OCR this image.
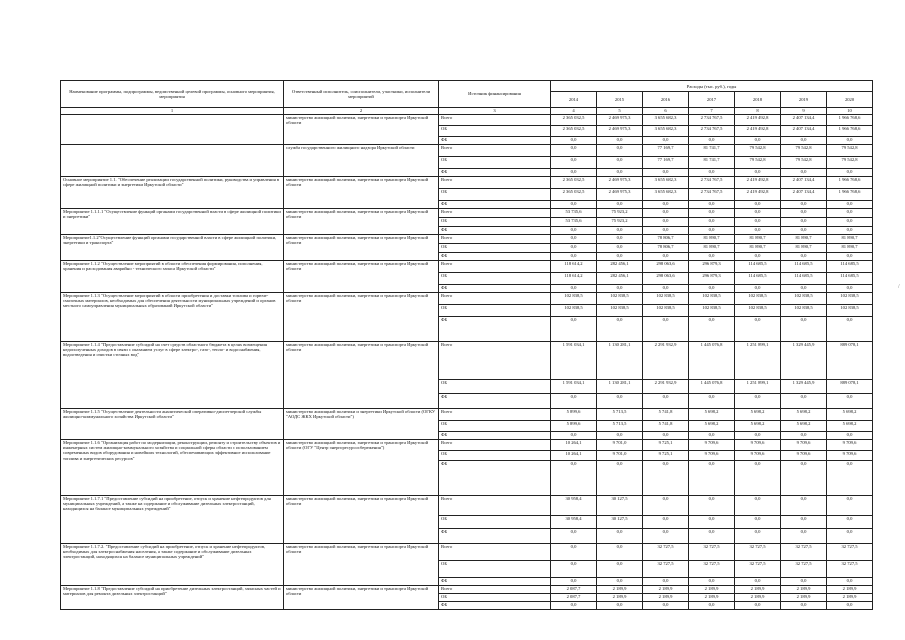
/
Наименование программы, подпрограммы, ведомственной целевой программы, основного мероприятия, мероприятия	Ответственный исполнитель, соисполнители, участники, исполнители мероприятий	Источник финансирования	Расходы (тыс. руб.), годы						
			2014	2015	2016	2017	2018	2019	2020
1	2	3	4	5	6	7	8	9	10
	министерство жилищной политики, энергетики и транспорта Иркутской области	Всего	2 365 032,5	2 469 975,3	3 655 682,3	2 734 767,5	2 419 492,8	2 407 134,4	1 966 768,6
		ОБ	2 365 032,5	2 469 975,3	3 655 682,3	2 734 767,5	2 419 492,8	2 407 134,4	1 966 768,6
		ФБ	0,0	0,0	0,0	0,0	0,0	0,0	0,0
	служба государственного жилищного надзора Иркутской области	Всего	0,0	0,0	77 169,7	81 741,7	79 542,8	79 542,8	79 542,8
		ОБ	0,0	0,0	77 169,7	81 741,7	79 542,8	79 542,8	79 542,8
		ФБ	0,0	0,0	0,0	0,0	0,0	0,0	0,0
Основное мероприятие 1.1. "Обеспечение реализации государственной политики, руководства и управления в сфере жилищной политики и энергетики Иркутской области"	министерство жилищной политики, энергетики и транспорта Иркутской области	Всего	2 365 032,5	2 469 975,3	3 655 682,3	2 734 767,5	2 419 492,8	2 407 134,4	1 966 768,6
		ОБ	2 365 032,5	2 469 975,3	3 655 682,3	2 734 767,5	2 419 492,8	2 407 134,4	1 966 768,6
		ФБ	0,0	0,0	0,0	0,0	0,0	0,0	0,0
Мероприятие 1.1.1.1 "Осуществление функций органами государственной власти в сфере жилищной политики и энергетики"	министерство жилищной политики, энергетики и транспорта Иркутской области	Всего	53 735,6	75 923,2	0,0	0,0	0,0	0,0	0,0
		ОБ	53 735,6	75 923,2	0,0	0,0	0,0	0,0	0,0
		ФБ	0,0	0,0	0,0	0,0	0,0	0,0	0,0
Мероприятие1.1.2"Осуществление функций органами государственной власти в сфере жилищной политики, энергетики и транспорта"	министерство жилищной политики, энергетики и транспорта Иркутской области	Всего	0,0	0,0	78 806,7	81 890,7	81 890,7	81 890,7	81 890,7
		ОБ	0,0	0,0	78 806,7	81 890,7	81 890,7	81 890,7	81 890,7
		ФБ	0,0	0,0	0,0	0,0	0,0	0,0	0,0
Мероприятие 1.1.2 "Осуществление мероприятий в области обеспечения формирования, пополнения, хранения и расходования аварийно - технического запаса Иркутской области"	министерство жилищной политики, энергетики и транспорта Иркутской области	Всего	118 614,2	282 456,1	298 063,6	296 879,3	114 685,5	114 685,5	114 685,5
		ОБ	118 614,2	282 456,1	298 063,6	296 879,3	114 685,5	114 685,5	114 685,5
		ФБ	0,0	0,0	0,0	0,0	0,0	0,0	0,0
Мероприятие 1.1.3 "Осуществление мероприятий в области приобретения и доставки топлива и горюче-смазочных материалов, необходимых для обеспечения деятельности муниципальных учреждений и органов местного самоуправления муниципальных образований Иркутской области"	министерство жилищной политики, энергетики и транспорта Иркутской области	Всего	102 838,5	102 838,5	102 838,5	102 838,5	102 838,5	102 838,5	102 838,5
		ОБ	102 838,5	102 838,5	102 838,5	102 838,5	102 838,5	102 838,5	102 838,5
		ФБ	0,0	0,0	0,0	0,0	0,0	0,0	0,0
Мероприятие 1.1.4 "Предоставление субсидий на счет средств областного бюджета в целях возмещения недополученных доходов в связи с оказанием услуг в сфере электро-, газо-, тепло- и водоснабжения, водоотведения и очистки сточных вод"	министерство жилищной политики, энергетики и транспорта Иркутской области	Всего	1 591 034,1	1 130 281,1	2 291 932,9	1 445 076,8	1 251 899,1	1 329 445,9	889 078,1
		ОБ	1 591 034,1	1 130 281,1	2 291 932,9	1 445 076,8	1 251 899,1	1 329 445,9	889 078,1
		ФБ	0,0	0,0	0,0	0,0	0,0	0,0	0,0
Мероприятие 1.1.5 "Осуществление деятельности аналитической оперативно-диспетчерской службы жилищно-коммунального хозяйства Иркутской области"	министерство жилищной политики и энергетики Иркутской области (ОГКУ "АОДС ЖКХ Иркутской области")	Всего	5 899,6	5 713,5	5 741,8	5 698,2	5 698,2	5 698,2	5 698,2
		ОБ	5 899,6	5 713,5	5 741,8	5 698,2	5 698,2	5 698,2	5 698,2
		ФБ	0,0	0,0	0,0	0,0	0,0	0,0	0,0
Мероприятие 1.1.6 "Организация работ по модернизации, реконструкции, ремонту и строительству объектов и инженерных систем жилищно-коммунального хозяйства и социальной сферы области с использованием современных видов оборудования и новейших технологий, обеспечивающих эффективное использование топлива и энергетических ресурсов"	министерство жилищной политики, энергетики и транспорта Иркутской области (ОГУ "Центр энергоресурсосбережения")	Всего	10 264,1	9 701,0	9 725,1	9 709,6	9 709,6	9 709,6	9 709,6
		ОБ	10 264,1	9 701,0	9 725,1	9 709,6	9 709,6	9 709,6	9 709,6
		ФБ	0,0	0,0	0,0	0,0	0,0	0,0	0,0
Мероприятие 1.1.7.1 "Предоставление субсидий на приобретение, отпуск и хранение нефтепродуктов для муниципальных учреждений, а также на содержание и обслуживание дизельных электростанций, находящихся на балансе муниципальных учреждений"	министерство жилищной политики, энергетики и транспорта Иркутской области	Всего	30 958,4	30 127,5	0,0	0,0	0,0	0,0	0,0
		ОБ	30 958,4	30 127,5	0,0	0,0	0,0	0,0	0,0
		ФБ	0,0	0,0	0,0	0,0	0,0	0,0	0,0
Мероприятие 1.1.7.2. "Предоставление субсидий на приобретение, отпуск и хранение нефтепродуктов, необходимых для электроснабжения населения, а также содержание и обслуживание дизельных электростанций, находящихся на балансе муниципальных учреждений"	министерство жилищной политики, энергетики и транспорта Иркутской области	Всего	0,0	0,0	32 727,5	32 727,5	32 727,5	32 727,5	32 727,5
		ОБ	0,0	0,0	32 727,5	32 727,5	32 727,5	32 727,5	32 727,5
		ФБ	0,0	0,0	0,0	0,0	0,0	0,0	0,0
Мероприятие 1.1.8 "Предоставление субсидий на приобретение дизельных электростанций, запасных частей и материалов для ремонта дизельных электростанций"	министерство жилищной политики, энергетики и транспорта Иркутской области	Всего	2 087,7	2 189,9	2 189,9	2 189,9	2 189,9	2 189,9	2 189,9
		ОБ	2 087,7	2 189,9	2 189,9	2 189,9	2 189,9	2 189,9	2 189,9
		ФБ	0,0	0,0	0,0	0,0	0,0	0,0	0,0
